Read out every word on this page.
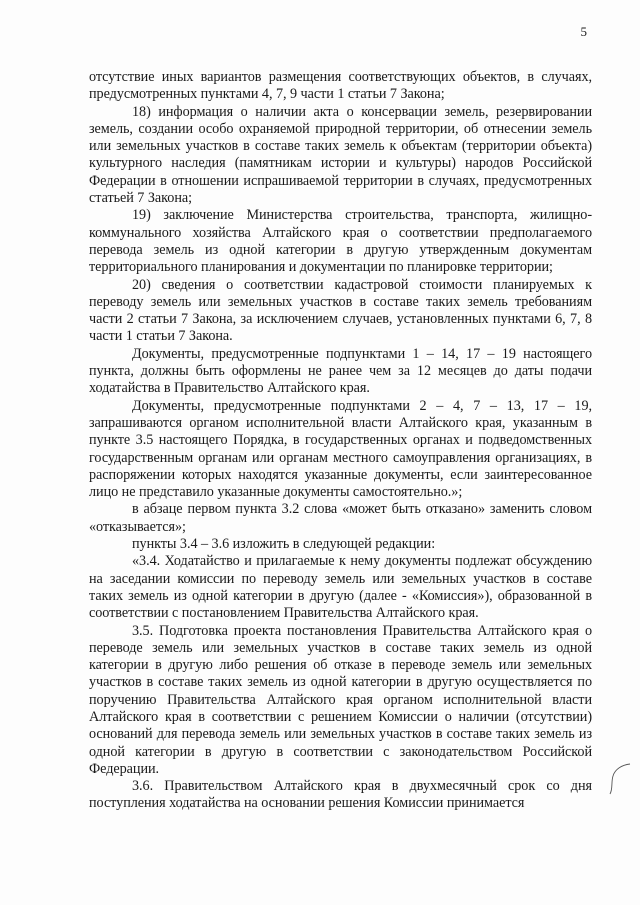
5

отсутствие иных вариантов размещения соответствующих объектов, в случаях, предусмотренных пунктами 4, 7, 9 части 1 статьи 7 Закона;

18) информация о наличии акта о консервации земель, резервировании земель, создании особо охраняемой природной территории, об отнесении земель или земельных участков в составе таких земель к объектам (территории объекта) культурного наследия (памятникам истории и культуры) народов Российской Федерации в отношении испрашиваемой территории в случаях, предусмотренных статьей 7 Закона;

19) заключение Министерства строительства, транспорта, жилищно-коммунального хозяйства Алтайского края о соответствии предполагаемого перевода земель из одной категории в другую утвержденным документам территориального планирования и документации по планировке территории;

20) сведения о соответствии кадастровой стоимости планируемых к переводу земель или земельных участков в составе таких земель требованиям части 2 статьи 7 Закона, за исключением случаев, установленных пунктами 6, 7, 8 части 1 статьи 7 Закона.

Документы, предусмотренные подпунктами 1 – 14, 17 – 19 настоящего пункта, должны быть оформлены не ранее чем за 12 месяцев до даты подачи ходатайства в Правительство Алтайского края.

Документы, предусмотренные подпунктами 2 – 4, 7 – 13, 17 – 19, запрашиваются органом исполнительной власти Алтайского края, указанным в пункте 3.5 настоящего Порядка, в государственных органах и подведомственных государственным органам или органам местного самоуправления организациях, в распоряжении которых находятся указанные документы, если заинтересованное лицо не представило указанные документы самостоятельно.»;

в абзаце первом пункта 3.2 слова «может быть отказано» заменить словом «отказывается»;

пункты 3.4 – 3.6 изложить в следующей редакции:

«3.4. Ходатайство и прилагаемые к нему документы подлежат обсуждению на заседании комиссии по переводу земель или земельных участков в составе таких земель из одной категории в другую (далее - «Комиссия»), образованной в соответствии с постановлением Правительства Алтайского края.

3.5. Подготовка проекта постановления Правительства Алтайского края о переводе земель или земельных участков в составе таких земель из одной категории в другую либо решения об отказе в переводе земель или земельных участков в составе таких земель из одной категории в другую осуществляется по поручению Правительства Алтайского края органом исполнительной власти Алтайского края в соответствии с решением Комиссии о наличии (отсутствии) оснований для перевода земель или земельных участков в составе таких земель из одной категории в другую в соответствии с законодательством Российской Федерации.

3.6. Правительством Алтайского края в двухмесячный срок со дня поступления ходатайства на основании решения Комиссии принимается
